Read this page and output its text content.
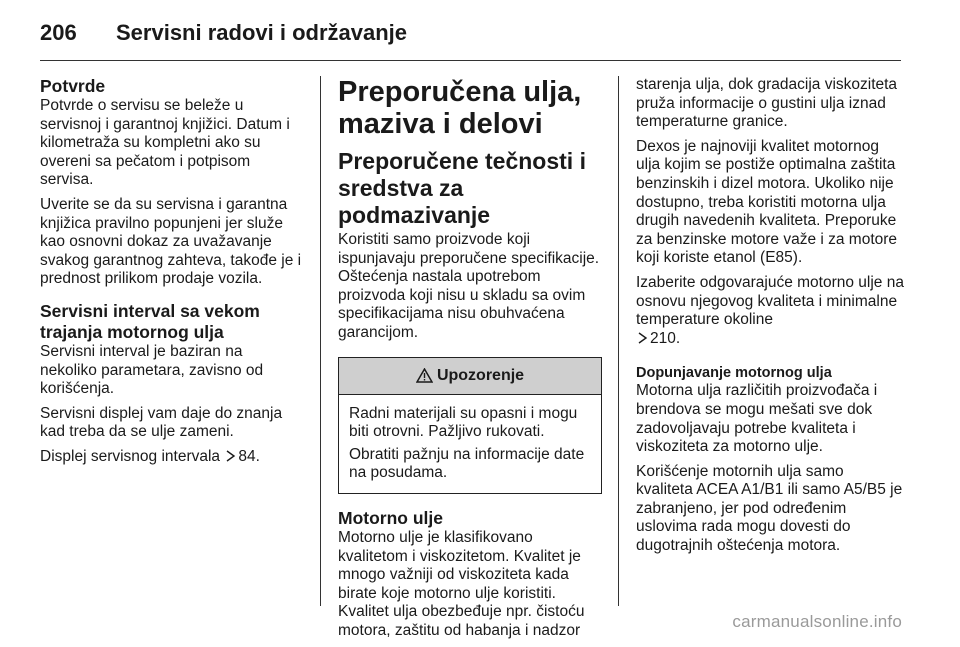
206 Servisni radovi i održavanje
Potvrde

Potvrde o servisu se beleže u servisnoj i garantnoj knjižici. Datum i kilometraža su kompletni ako su overeni sa pečatom i potpisom servisa.

Uverite se da su servisna i garantna knjižica pravilno popunjeni jer služe kao osnovni dokaz za uvažavanje svakog garantnog zahteva, takođe je i prednost prilikom prodaje vozila.

Servisni interval sa vekom trajanja motornog ulja

Servisni interval je baziran na nekoliko parametara, zavisno od korišćenja.

Servisni displej vam daje do znanja kad treba da se ulje zameni.

Displej servisnog intervala 84.

Preporučena ulja, maziva i delovi
Preporučene tečnosti i sredstva za podmazivanje

Koristiti samo proizvode koji ispunjavaju preporučene specifikacije. Oštećenja nastala upotrebom proizvoda koji nisu u skladu sa ovim specifikacijama nisu obuhvaćena garancijom.

Upozorenje

Radni materijali su opasni i mogu biti otrovni. Pažljivo rukovati.

Obratiti pažnju na informacije date na posudama.

Motorno ulje

Motorno ulje je klasifikovano kvalitetom i viskozitetom. Kvalitet je mnogo važniji od viskoziteta kada birate koje motorno ulje koristiti. Kvalitet ulja obezbeđuje npr. čistoću motora, zaštitu od habanja i nadzor

starenja ulja, dok gradacija viskoziteta pruža informacije o gustini ulja iznad temperaturne granice.

Dexos je najnoviji kvalitet motornog ulja kojim se postiže optimalna zaštita benzinskih i dizel motora. Ukoliko nije dostupno, treba koristiti motorna ulja drugih navedenih kvaliteta. Preporuke za benzinske motore važe i za motore koji koriste etanol (E85).

Izaberite odgovarajuće motorno ulje na osnovu njegovog kvaliteta i minimalne temperature okoline

210.

Dopunjavanje motornog ulja

Motorna ulja različitih proizvođača i brendova se mogu mešati sve dok zadovoljavaju potrebe kvaliteta i viskoziteta za motorno ulje.

Korišćenje motornih ulja samo kvaliteta ACEA A1/B1 ili samo A5/B5 je zabranjeno, jer pod određenim uslovima rada mogu dovesti do dugotrajnih oštećenja motora.

carmanualsonline.info
